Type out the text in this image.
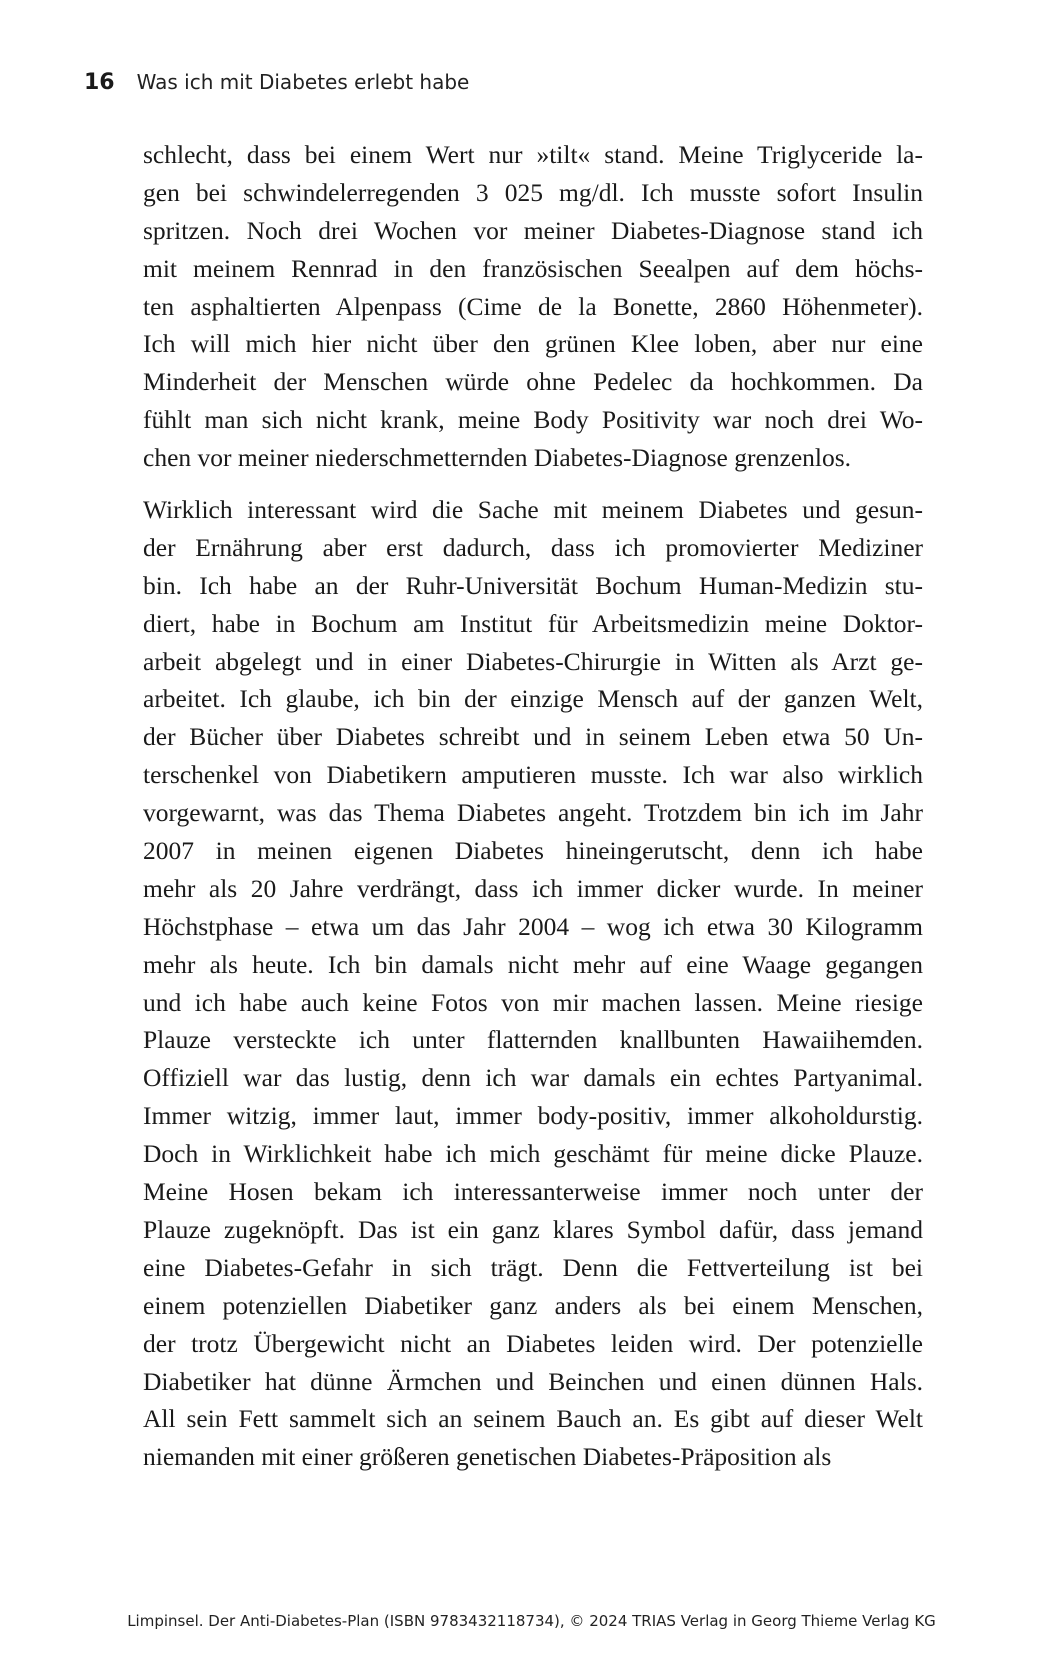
16 Was ich mit Diabetes erlebt habe
schlecht, dass bei einem Wert nur »tilt« stand. Meine Triglyceride la-
gen bei schwindelerregenden 3 025 mg/dl. Ich musste sofort Insulin
spritzen. Noch drei Wochen vor meiner Diabetes-Diagnose stand ich
mit meinem Rennrad in den französischen Seealpen auf dem höchs-
ten asphaltierten Alpenpass (Cime de la Bonette, 2860 Höhenmeter).
Ich will mich hier nicht über den grünen Klee loben, aber nur eine
Minderheit der Menschen würde ohne Pedelec da hochkommen. Da
fühlt man sich nicht krank, meine Body Positivity war noch drei Wo-
chen vor meiner niederschmetternden Diabetes-Diagnose grenzenlos.
Wirklich interessant wird die Sache mit meinem Diabetes und gesun-
der Ernährung aber erst dadurch, dass ich promovierter Mediziner
bin. Ich habe an der Ruhr-Universität Bochum Human-Medizin stu-
diert, habe in Bochum am Institut für Arbeitsmedizin meine Doktor-
arbeit abgelegt und in einer Diabetes-Chirurgie in Witten als Arzt ge-
arbeitet. Ich glaube, ich bin der einzige Mensch auf der ganzen Welt,
der Bücher über Diabetes schreibt und in seinem Leben etwa 50 Un-
terschenkel von Diabetikern amputieren musste. Ich war also wirklich
vorgewarnt, was das Thema Diabetes angeht. Trotzdem bin ich im Jahr
2007 in meinen eigenen Diabetes hineingerutscht, denn ich habe
mehr als 20 Jahre verdrängt, dass ich immer dicker wurde. In meiner
Höchstphase – etwa um das Jahr 2004 – wog ich etwa 30 Kilogramm
mehr als heute. Ich bin damals nicht mehr auf eine Waage gegangen
und ich habe auch keine Fotos von mir machen lassen. Meine riesige
Plauze versteckte ich unter flatternden knallbunten Hawaiihemden.
Offiziell war das lustig, denn ich war damals ein echtes Partyanimal.
Immer witzig, immer laut, immer body-positiv, immer alkoholdurstig.
Doch in Wirklichkeit habe ich mich geschämt für meine dicke Plauze.
Meine Hosen bekam ich interessanterweise immer noch unter der
Plauze zugeknöpft. Das ist ein ganz klares Symbol dafür, dass jemand
eine Diabetes-Gefahr in sich trägt. Denn die Fettverteilung ist bei
einem potenziellen Diabetiker ganz anders als bei einem Menschen,
der trotz Übergewicht nicht an Diabetes leiden wird. Der potenzielle
Diabetiker hat dünne Ärmchen und Beinchen und einen dünnen Hals.
All sein Fett sammelt sich an seinem Bauch an. Es gibt auf dieser Welt
niemanden mit einer größeren genetischen Diabetes-Präposition als
Limpinsel. Der Anti-Diabetes-Plan (ISBN 9783432118734), © 2024 TRIAS Verlag in Georg Thieme Verlag KG
